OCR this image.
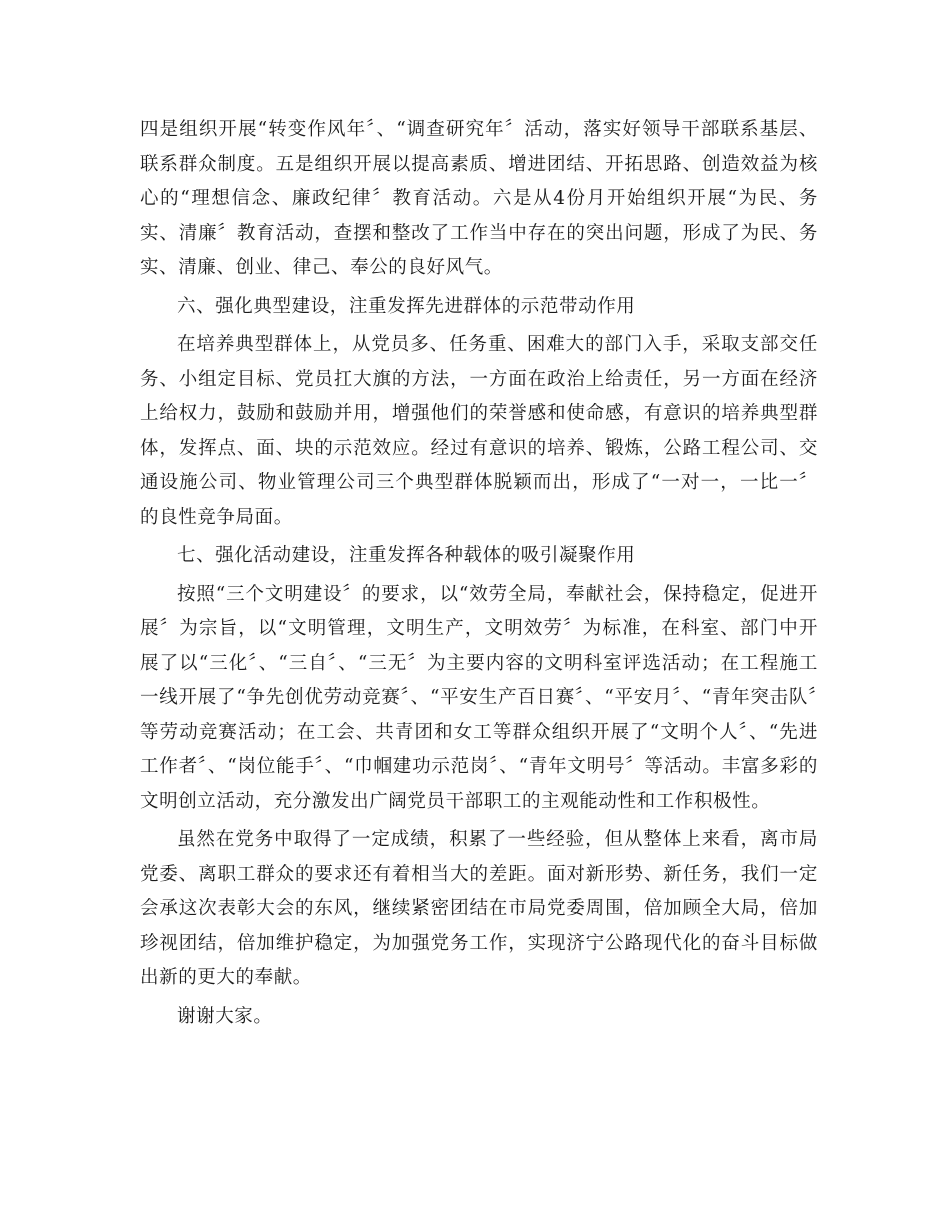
四是组织开展“转变作风年〞、“调查研究年〞活动，落实好领导干部联系基层、联系群众制度。五是组织开展以提高素质、增进团结、开拓思路、创造效益为核心的“理想信念、廉政纪律〞教育活动。六是从4份月开始组织开展“为民、务实、清廉〞教育活动，查摆和整改了工作当中存在的突出问题，形成了为民、务实、清廉、创业、律己、奉公的良好风气。

六、强化典型建设，注重发挥先进群体的示范带动作用

在培养典型群体上，从党员多、任务重、困难大的部门入手，采取支部交任务、小组定目标、党员扛大旗的方法，一方面在政治上给责任，另一方面在经济上给权力，鼓励和鼓励并用，增强他们的荣誉感和使命感，有意识的培养典型群体，发挥点、面、块的示范效应。经过有意识的培养、锻炼，公路工程公司、交通设施公司、物业管理公司三个典型群体脱颖而出，形成了“一对一，一比一〞的良性竞争局面。

七、强化活动建设，注重发挥各种载体的吸引凝聚作用

按照“三个文明建设〞的要求，以“效劳全局，奉献社会，保持稳定，促进开展〞为宗旨，以“文明管理，文明生产，文明效劳〞为标准，在科室、部门中开展了以“三化〞、“三自〞、“三无〞为主要内容的文明科室评选活动；在工程施工一线开展了“争先创优劳动竞赛〞、“平安生产百日赛〞、“平安月〞、“青年突击队〞等劳动竞赛活动；在工会、共青团和女工等群众组织开展了“文明个人〞、“先进工作者〞、“岗位能手〞、“巾帼建功示范岗〞、“青年文明号〞等活动。丰富多彩的文明创立活动，充分激发出广阔党员干部职工的主观能动性和工作积极性。

虽然在党务中取得了一定成绩，积累了一些经验，但从整体上来看，离市局党委、离职工群众的要求还有着相当大的差距。面对新形势、新任务，我们一定会承这次表彰大会的东风，继续紧密团结在市局党委周围，倍加顾全大局，倍加珍视团结，倍加维护稳定，为加强党务工作，实现济宁公路现代化的奋斗目标做出新的更大的奉献。

谢谢大家。
